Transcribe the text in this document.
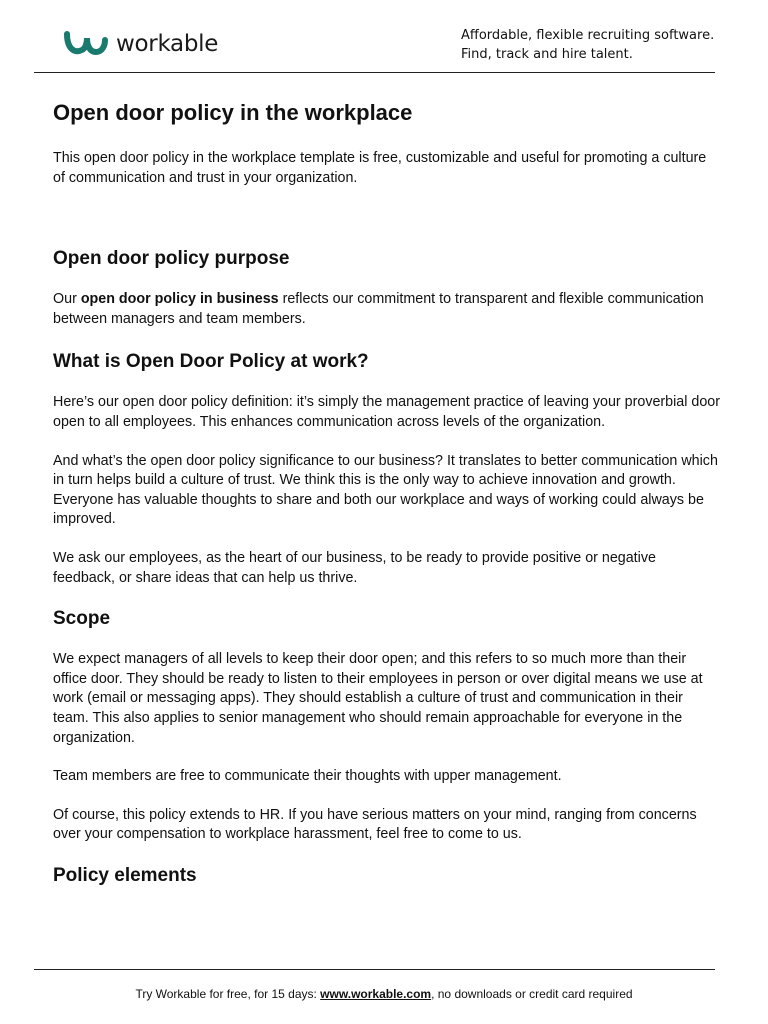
workable	Affordable, flexible recruiting software.
Find, track and hire talent.
Open door policy in the workplace

This open door policy in the workplace template is free, customizable and useful for promoting a culture of communication and trust in your organization.

Open door policy purpose

Our open door policy in business reflects our commitment to transparent and flexible communication between managers and team members.

What is Open Door Policy at work?

Here’s our open door policy definition: it’s simply the management practice of leaving your proverbial door open to all employees. This enhances communication across levels of the organization.

And what’s the open door policy significance to our business? It translates to better communication which in turn helps build a culture of trust. We think this is the only way to achieve innovation and growth. Everyone has valuable thoughts to share and both our workplace and ways of working could always be improved.

We ask our employees, as the heart of our business, to be ready to provide positive or negative feedback, or share ideas that can help us thrive.

Scope

We expect managers of all levels to keep their door open; and this refers to so much more than their office door. They should be ready to listen to their employees in person or over digital means we use at work (email or messaging apps). They should establish a culture of trust and communication in their team. This also applies to senior management who should remain approachable for everyone in the organization.

Team members are free to communicate their thoughts with upper management.

Of course, this policy extends to HR. If you have serious matters on your mind, ranging from concerns over your compensation to workplace harassment, feel free to come to us.

Policy elements
Try Workable for free, for 15 days: www.workable.com, no downloads or credit card required
